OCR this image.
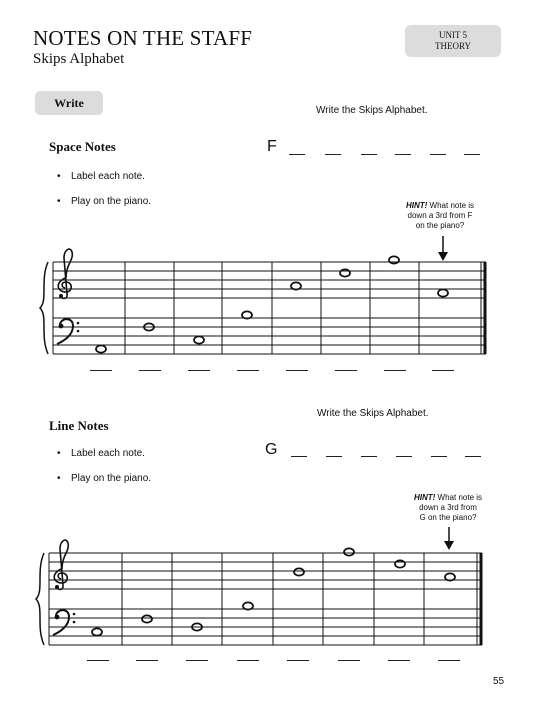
NOTES ON THE STAFF
Skips Alphabet
UNIT 5
THEORY
Write
Write the Skips Alphabet.
Space Notes	F
• Label each note.
• Play on the piano.	HINT! What note is
down a 3rd from F
on the piano?
Write the Skips Alphabet.
Line Notes
G
• Label each note.
• Play on the piano.
HINT! What note is
down a 3rd from
G on the piano?
55
